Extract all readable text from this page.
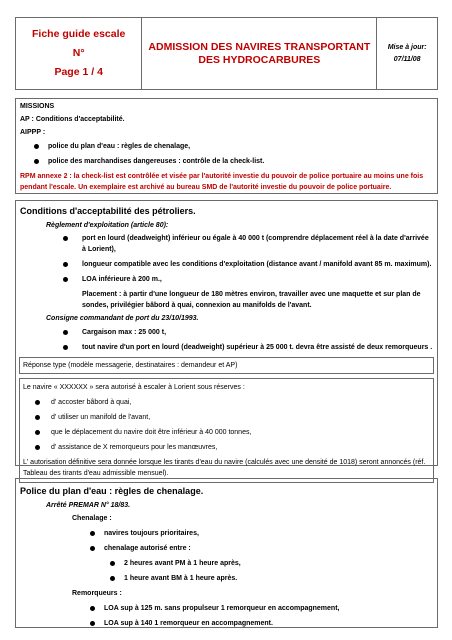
Fiche guide escale
N°
Page 1 / 4
ADMISSION DES NAVIRES TRANSPORTANT
DES HYDROCARBURES
Mise à jour:
07/11/08
MISSIONS
AP : Conditions d'acceptabilité.
AIPPP :
police du plan d'eau : règles de chenalage,
police des marchandises dangereuses : contrôle de la check-list.
RPM annexe 2 : la check-list est contrôlée et visée par l'autorité investie du pouvoir de police portuaire au moins une fois pendant l'escale. Un exemplaire est archivé au bureau SMD de l'autorité investie du pouvoir de police portuaire.
Conditions d'acceptabilité des pétroliers.
Règlement d'exploitation (article 80):
port en lourd (deadweight) inférieur ou égale à 40 000 t (comprendre déplacement réel à la date d'arrivée à Lorient),
longueur compatible avec les conditions d'exploitation (distance avant / manifold avant 85 m. maximum).
LOA inférieure à 200 m.,
Placement : à partir d'une longueur de 180 mètres environ, travailler avec une maquette et sur plan de sondes, privilégier bâbord à quai, connexion au manifolds de l'avant.
Consigne commandant de port du 23/10/1993.
Cargaison max : 25 000 t,
tout navire d'un port en lourd (deadweight) supérieur à 25 000 t. devra être assisté de deux remorqueurs .
Réponse type (modèle messagerie, destinataires : demandeur et AP)
Le navire « XXXXXX » sera autorisé à escaler à Lorient sous réserves :
d' accoster bâbord à quai,
d' utiliser un manifold de l'avant,
que le déplacement du navire doit être inférieur à 40 000 tonnes,
d' assistance de X remorqueurs pour les manœuvres,
L' autorisation définitive sera donnée lorsque les tirants d'eau du navire (calculés avec une densité de 1018) seront annoncés (réf. Tableau des tirants d'eau admissible mensuel).
Police du plan d'eau : règles de chenalage.
Arrêté PREMAR N° 18/83.
Chenalage :
navires toujours prioritaires,
chenalage autorisé entre :
2 heures avant PM à 1 heure après,
1 heure avant BM à 1 heure après.
Remorqueurs :
LOA sup à 125 m. sans propulseur 1 remorqueur en accompagnement,
LOA sup à 140 1 remorqueur en accompagnement.
